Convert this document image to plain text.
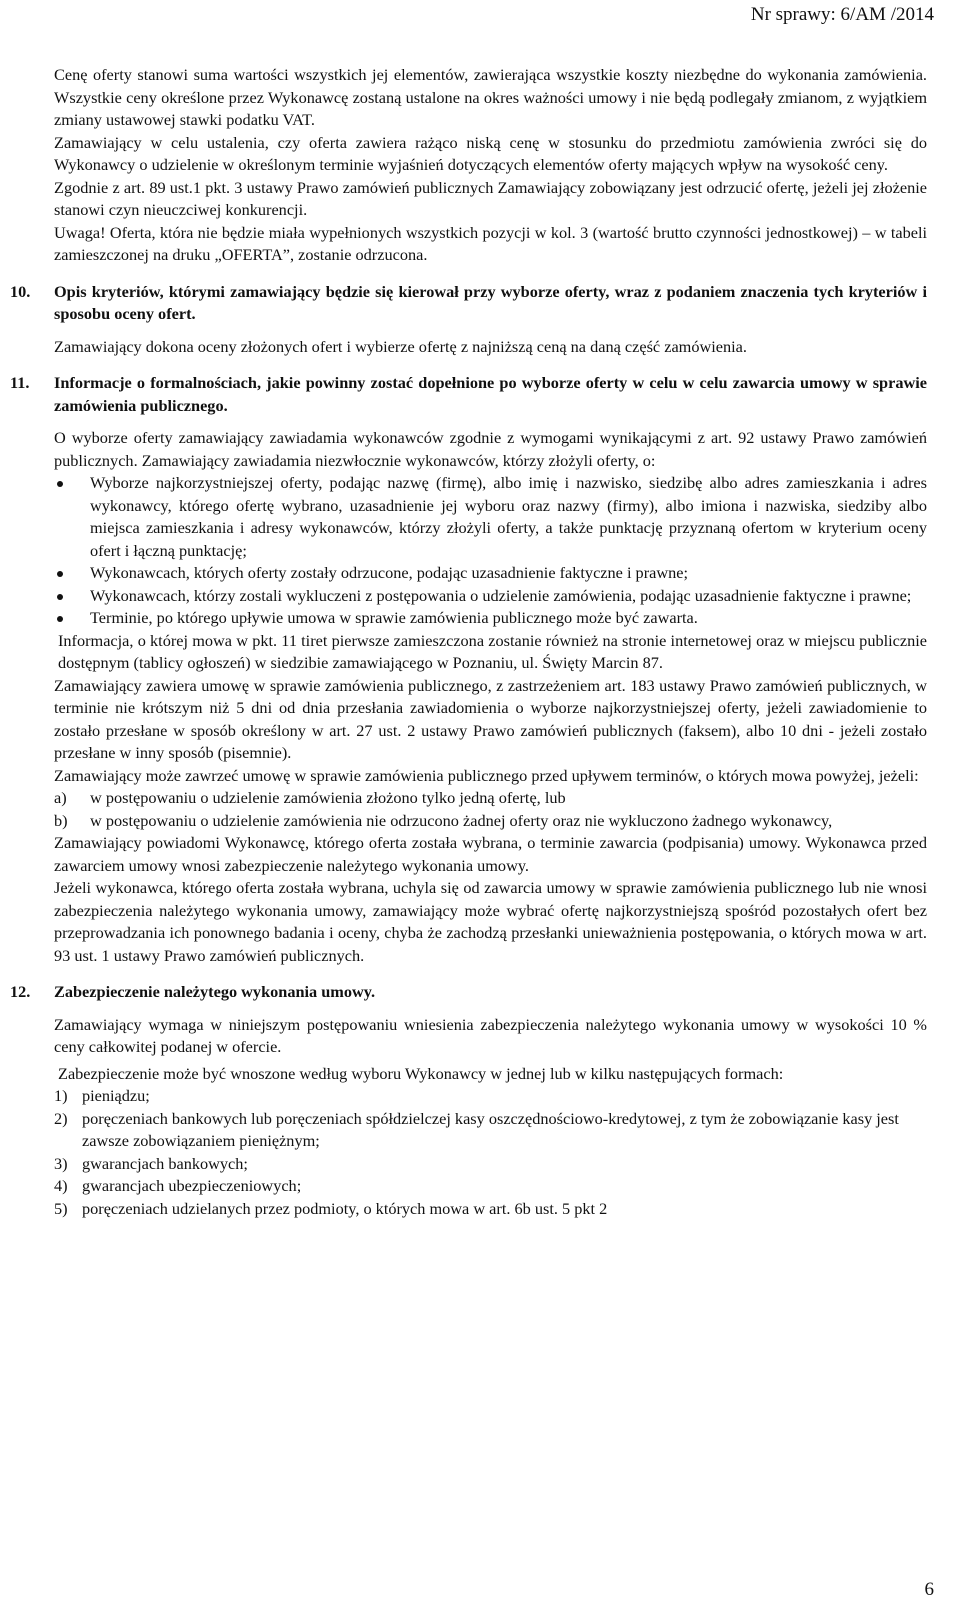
Nr sprawy: 6/AM /2014

Cenę oferty stanowi suma wartości wszystkich jej elementów, zawierająca wszystkie koszty niezbędne do wykonania zamówienia. Wszystkie ceny określone przez Wykonawcę zostaną ustalone na okres ważności umowy i nie będą podlegały zmianom, z wyjątkiem zmiany ustawowej stawki podatku VAT.

Zamawiający w celu ustalenia, czy oferta zawiera rażąco niską cenę w stosunku do przedmiotu zamówienia zwróci się do Wykonawcy o udzielenie w określonym terminie wyjaśnień dotyczących elementów oferty mających wpływ na wysokość ceny.

Zgodnie z art. 89 ust.1 pkt. 3 ustawy Prawo zamówień publicznych Zamawiający zobowiązany jest odrzucić ofertę, jeżeli jej złożenie stanowi czyn nieuczciwej konkurencji.

Uwaga! Oferta, która nie będzie miała wypełnionych wszystkich pozycji w kol. 3 (wartość brutto czynności jednostkowej) – w tabeli zamieszczonej na druku „OFERTA”, zostanie odrzucona.

10.	Opis kryteriów, którymi zamawiający będzie się kierował przy wyborze oferty, wraz z podaniem znaczenia tych kryteriów i sposobu oceny ofert.

Zamawiający dokona oceny złożonych ofert i wybierze ofertę z najniższą ceną na daną część zamówienia.

11.	Informacje o formalnościach, jakie powinny zostać dopełnione po wyborze oferty w celu w celu zawarcia umowy w sprawie zamówienia publicznego.

O wyborze oferty zamawiający zawiadamia wykonawców zgodnie z wymogami wynikającymi z art. 92 ustawy Prawo zamówień publicznych. Zamawiający zawiadamia niezwłocznie wykonawców, którzy złożyli oferty, o:

Wyborze najkorzystniejszej oferty, podając nazwę (firmę), albo imię i nazwisko, siedzibę albo adres zamieszkania i adres wykonawcy, którego ofertę wybrano, uzasadnienie jej wyboru oraz nazwy (firmy), albo imiona i nazwiska, siedziby albo miejsca zamieszkania i adresy wykonawców, którzy złożyli oferty, a także punktację przyznaną ofertom w kryterium oceny ofert i łączną punktację;
Wykonawcach, których oferty zostały odrzucone, podając uzasadnienie faktyczne i prawne;
Wykonawcach, którzy zostali wykluczeni z postępowania o udzielenie zamówienia, podając uzasadnienie faktyczne i prawne;
Terminie, po którego upływie umowa w sprawie zamówienia publicznego może być zawarta.

Informacja, o której mowa w pkt. 11 tiret pierwsze zamieszczona zostanie również na stronie internetowej oraz w miejscu publicznie dostępnym (tablicy ogłoszeń) w siedzibie zamawiającego w Poznaniu, ul. Święty Marcin 87.

Zamawiający zawiera umowę w sprawie zamówienia publicznego, z zastrzeżeniem art. 183 ustawy Prawo zamówień publicznych, w terminie nie krótszym niż 5 dni od dnia przesłania zawiadomienia o wyborze najkorzystniejszej oferty, jeżeli zawiadomienie to zostało przesłane w sposób określony w art. 27 ust. 2 ustawy Prawo zamówień publicznych (faksem), albo 10 dni - jeżeli zostało przesłane w inny sposób (pisemnie).

Zamawiający może zawrzeć umowę w sprawie zamówienia publicznego przed upływem terminów, o których mowa powyżej, jeżeli:

a) w postępowaniu o udzielenie zamówienia złożono tylko jedną ofertę, lub
b) w postępowaniu o udzielenie zamówienia nie odrzucono żadnej oferty oraz nie wykluczono żadnego wykonawcy,

Zamawiający powiadomi Wykonawcę, którego oferta została wybrana, o terminie zawarcia (podpisania) umowy. Wykonawca przed zawarciem umowy wnosi zabezpieczenie należytego wykonania umowy.

Jeżeli wykonawca, którego oferta została wybrana, uchyla się od zawarcia umowy w sprawie zamówienia publicznego lub nie wnosi zabezpieczenia należytego wykonania umowy, zamawiający może wybrać ofertę najkorzystniejszą spośród pozostałych ofert bez przeprowadzania ich ponownego badania i oceny, chyba że zachodzą przesłanki unieważnienia postępowania, o których mowa w art. 93 ust. 1 ustawy Prawo zamówień publicznych.

12.	Zabezpieczenie należytego wykonania umowy.

Zamawiający wymaga w niniejszym postępowaniu wniesienia zabezpieczenia należytego wykonania umowy w wysokości 10 % ceny całkowitej podanej w ofercie.

Zabezpieczenie może być wnoszone według wyboru Wykonawcy w jednej lub w kilku następujących formach:

1) pieniądzu;
2) poręczeniach bankowych lub poręczeniach spółdzielczej kasy oszczędnościowo-kredytowej, z tym że zobowiązanie kasy jest zawsze zobowiązaniem pieniężnym;
3) gwarancjach bankowych;
4) gwarancjach ubezpieczeniowych;
5) poręczeniach udzielanych przez podmioty, o których mowa w art. 6b ust. 5 pkt 2
6
